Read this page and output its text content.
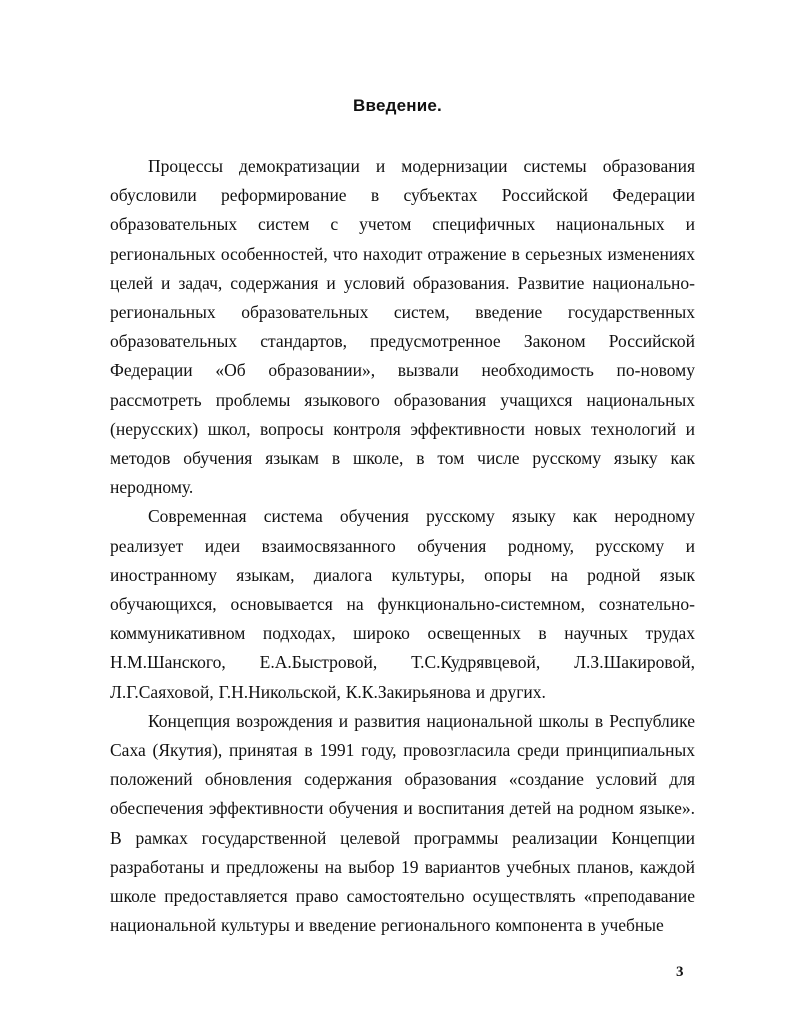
Введение.

Процессы демократизации и модернизации системы образования обусловили реформирование в субъектах Российской Федерации образовательных систем с учетом специфичных национальных и региональных особенностей, что находит отражение в серьезных изменениях целей и задач, содержания и условий образования. Развитие национально-региональных образовательных систем, введение государственных образовательных стандартов, предусмотренное Законом Российской Федерации «Об образовании», вызвали необходимость по-новому рассмотреть проблемы языкового образования учащихся национальных (нерусских) школ, вопросы контроля эффективности новых технологий и методов обучения языкам в школе, в том числе русскому языку как неродному.

Современная система обучения русскому языку как неродному реализует идеи взаимосвязанного обучения родному, русскому и иностранному языкам, диалога культуры, опоры на родной язык обучающихся, основывается на функционально-системном, сознательно-коммуникативном подходах, широко освещенных в научных трудах Н.М.Шанского, Е.А.Быстровой, Т.С.Кудрявцевой, Л.З.Шакировой, Л.Г.Саяховой, Г.Н.Никольской, К.К.Закирьянова и других.

Концепция возрождения и развития национальной школы в Республике Саха (Якутия), принятая в 1991 году, провозгласила среди принципиальных положений обновления содержания образования «создание условий для обеспечения эффективности обучения и воспитания детей на родном языке». В рамках государственной целевой программы реализации Концепции разработаны и предложены на выбор 19 вариантов учебных планов, каждой школе предоставляется право самостоятельно осуществлять «преподавание национальной культуры и введение регионального компонента в учебные

3
